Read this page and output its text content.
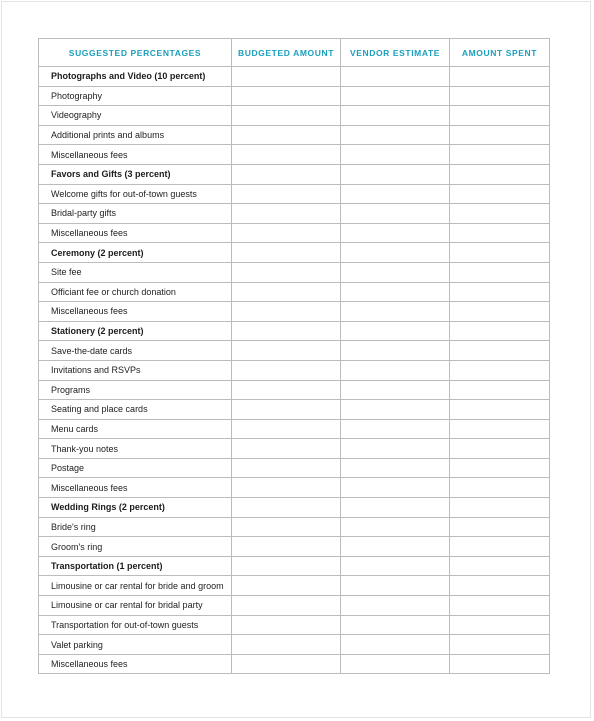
SUGGESTED PERCENTAGES	BUDGETED AMOUNT	VENDOR ESTIMATE	AMOUNT SPENT
Photographs and Video (10 percent)			
Photography			
Videography			
Additional prints and albums			
Miscellaneous fees			
Favors and Gifts (3 percent)			
Welcome gifts for out-of-town guests			
Bridal-party gifts			
Miscellaneous fees			
Ceremony (2 percent)			
Site fee			
Officiant fee or church donation			
Miscellaneous fees			
Stationery (2 percent)			
Save-the-date cards			
Invitations and RSVPs			
Programs			
Seating and place cards			
Menu cards			
Thank-you notes			
Postage			
Miscellaneous fees			
Wedding Rings (2 percent)			
Bride's ring			
Groom's ring			
Transportation (1 percent)			
Limousine or car rental for bride and groom			
Limousine or car rental for bridal party			
Transportation for out-of-town guests			
Valet parking			
Miscellaneous fees			
